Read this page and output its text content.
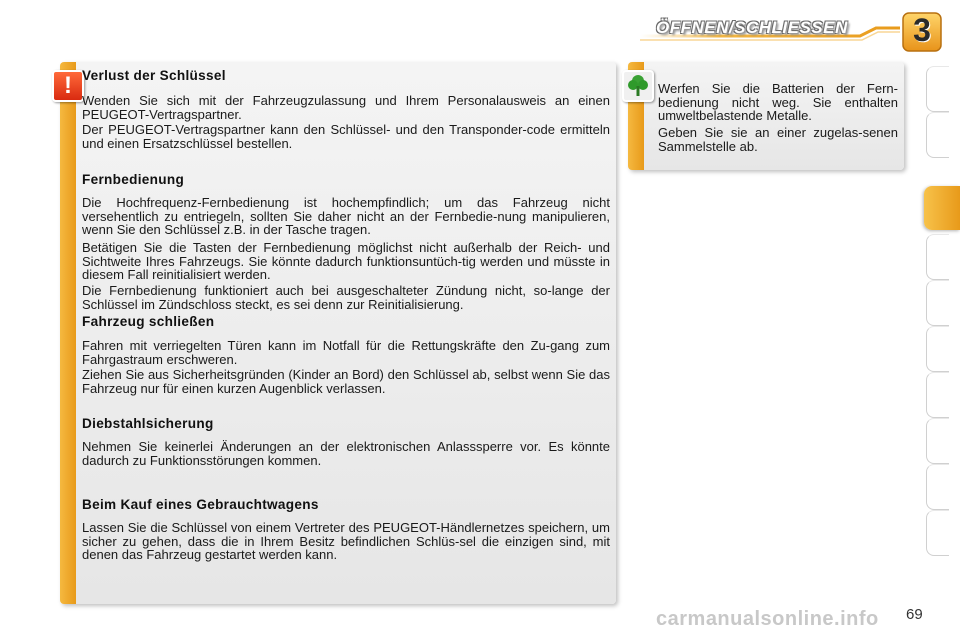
ÖFFNEN/SCHLIESSEN	3
! Verlust der Schlüssel

Wenden Sie sich mit der Fahrzeugzulassung und Ihrem Personalausweis an einen PEUGEOT-Vertragspartner.

Der PEUGEOT-Vertragspartner kann den Schlüssel- und den Transponder-code ermitteln und einen Ersatzschlüssel bestellen.

Fernbedienung

Die Hochfrequenz-Fernbedienung ist hochempfindlich; um das Fahrzeug nicht versehentlich zu entriegeln, sollten Sie daher nicht an der Fernbedie-nung manipulieren, wenn Sie den Schlüssel z.B. in der Tasche tragen.

Betätigen Sie die Tasten der Fernbedienung möglichst nicht außerhalb der Reich- und Sichtweite Ihres Fahrzeugs. Sie könnte dadurch funktionsuntüch-tig werden und müsste in diesem Fall reinitialisiert werden.

Die Fernbedienung funktioniert auch bei ausgeschalteter Zündung nicht, so-lange der Schlüssel im Zündschloss steckt, es sei denn zur Reinitialisierung.

Fahrzeug schließen

Fahren mit verriegelten Türen kann im Notfall für die Rettungskräfte den Zu-gang zum Fahrgastraum erschweren.

Ziehen Sie aus Sicherheitsgründen (Kinder an Bord) den Schlüssel ab, selbst wenn Sie das Fahrzeug nur für einen kurzen Augenblick verlassen.

Diebstahlsicherung

Nehmen Sie keinerlei Änderungen an der elektronischen Anlasssperre vor. Es könnte dadurch zu Funktionsstörungen kommen.

Beim Kauf eines Gebrauchtwagens

Lassen Sie die Schlüssel von einem Vertreter des PEUGEOT-Händlernetzes speichern, um sicher zu gehen, dass die in Ihrem Besitz befindlichen Schlüs-sel die einzigen sind, mit denen das Fahrzeug gestartet werden kann.

Werfen Sie die Batterien der Fern-bedienung nicht weg. Sie enthalten umweltbelastende Metalle.

Geben Sie sie an einer zugelas-senen Sammelstelle ab.

carmanualsonline.info 69
